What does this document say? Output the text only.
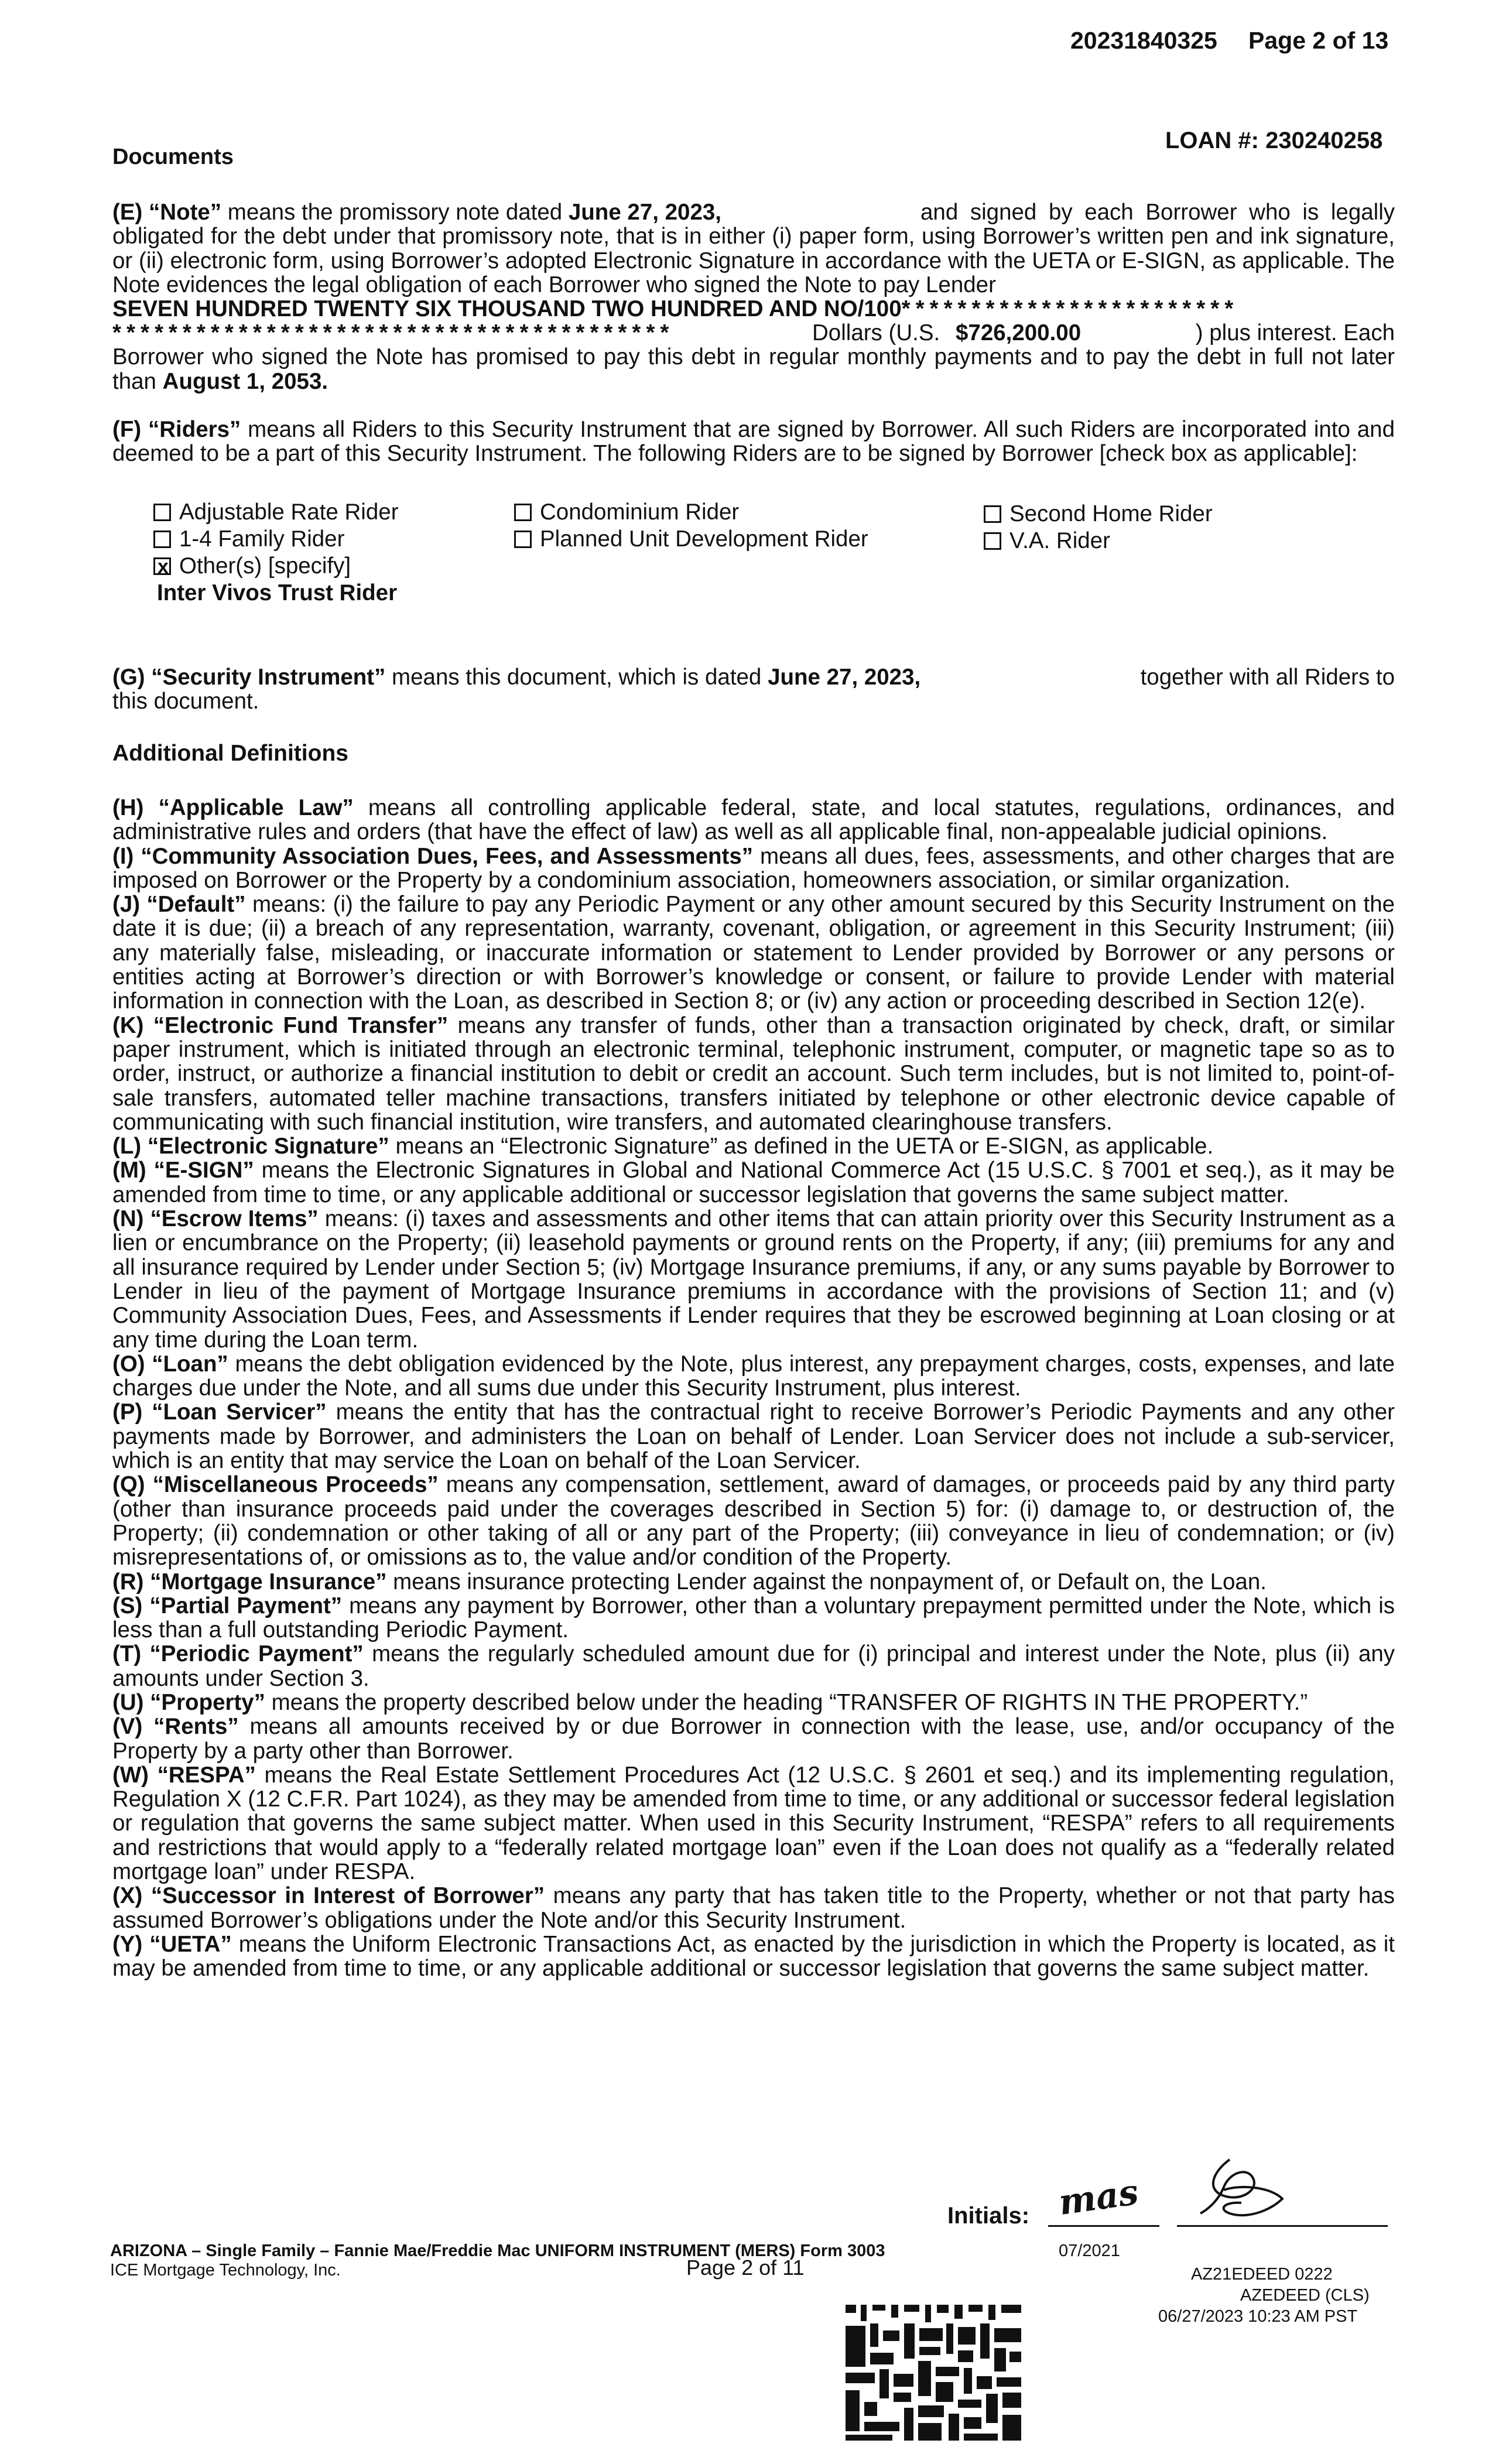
20231840325 Page 2 of 13
LOAN #: 230240258
Documents
(E) “Note” means the promissory note dated June 27, 2023,	and signed by each Borrower who is legally obligated for the debt under that promissory note, that is in either (i) paper form, using Borrower’s written pen and ink signature, or (ii) electronic form, using Borrower’s adopted Electronic Signature in accordance with the UETA or E-SIGN, as applicable. The Note evidences the legal obligation of each Borrower who signed the Note to pay Lender
SEVEN HUNDRED TWENTY SIX THOUSAND TWO HUNDRED AND NO/100************************
****************************************	Dollars (U.S. $726,200.00	) plus interest. Each
Borrower who signed the Note has promised to pay this debt in regular monthly payments and to pay the debt in full not later than August 1, 2053.
(F) “Riders” means all Riders to this Security Instrument that are signed by Borrower. All such Riders are incorporated into and deemed to be a part of this Security Instrument. The following Riders are to be signed by Borrower [check box as applicable]:
Adjustable Rate Rider
1-4 Family Rider
xOther(s) [specify]
Inter Vivos Trust Rider
Condominium Rider
Planned Unit Development Rider
Second Home Rider
V.A. Rider
(G) “Security Instrument” means this document, which is dated June 27, 2023,	together with all Riders to
this document.
Additional Definitions
(H) “Applicable Law” means all controlling applicable federal, state, and local statutes, regulations, ordinances, and administrative rules and orders (that have the effect of law) as well as all applicable final, non-appealable judicial opinions.
(I) “Community Association Dues, Fees, and Assessments” means all dues, fees, assessments, and other charges that are imposed on Borrower or the Property by a condominium association, homeowners association, or similar organization.
(J) “Default” means: (i) the failure to pay any Periodic Payment or any other amount secured by this Security Instrument on the date it is due; (ii) a breach of any representation, warranty, covenant, obligation, or agreement in this Security Instrument; (iii) any materially false, misleading, or inaccurate information or statement to Lender provided by Borrower or any persons or entities acting at Borrower’s direction or with Borrower’s knowledge or consent, or failure to provide Lender with material information in connection with the Loan, as described in Section 8; or (iv) any action or proceeding described in Section 12(e).
(K) “Electronic Fund Transfer” means any transfer of funds, other than a transaction originated by check, draft, or similar paper instrument, which is initiated through an electronic terminal, telephonic instrument, computer, or magnetic tape so as to order, instruct, or authorize a financial institution to debit or credit an account. Such term includes, but is not limited to, point-of-sale transfers, automated teller machine transactions, transfers initiated by telephone or other electronic device capable of communicating with such financial institution, wire transfers, and automated clearinghouse transfers.
(L) “Electronic Signature” means an “Electronic Signature” as defined in the UETA or E-SIGN, as applicable.
(M) “E-SIGN” means the Electronic Signatures in Global and National Commerce Act (15 U.S.C. § 7001 et seq.), as it may be amended from time to time, or any applicable additional or successor legislation that governs the same subject matter.
(N) “Escrow Items” means: (i) taxes and assessments and other items that can attain priority over this Security Instrument as a lien or encumbrance on the Property; (ii) leasehold payments or ground rents on the Property, if any; (iii) premiums for any and all insurance required by Lender under Section 5; (iv) Mortgage Insurance premiums, if any, or any sums payable by Borrower to Lender in lieu of the payment of Mortgage Insurance premiums in accordance with the provisions of Section 11; and (v) Community Association Dues, Fees, and Assessments if Lender requires that they be escrowed beginning at Loan closing or at any time during the Loan term.
(O) “Loan” means the debt obligation evidenced by the Note, plus interest, any prepayment charges, costs, expenses, and late charges due under the Note, and all sums due under this Security Instrument, plus interest.
(P) “Loan Servicer” means the entity that has the contractual right to receive Borrower’s Periodic Payments and any other payments made by Borrower, and administers the Loan on behalf of Lender. Loan Servicer does not include a sub-servicer, which is an entity that may service the Loan on behalf of the Loan Servicer.
(Q) “Miscellaneous Proceeds” means any compensation, settlement, award of damages, or proceeds paid by any third party (other than insurance proceeds paid under the coverages described in Section 5) for: (i) damage to, or destruction of, the Property; (ii) condemnation or other taking of all or any part of the Property; (iii) conveyance in lieu of condemnation; or (iv) misrepresentations of, or omissions as to, the value and/or condition of the Property.
(R) “Mortgage Insurance” means insurance protecting Lender against the nonpayment of, or Default on, the Loan.
(S) “Partial Payment” means any payment by Borrower, other than a voluntary prepayment permitted under the Note, which is less than a full outstanding Periodic Payment.
(T) “Periodic Payment” means the regularly scheduled amount due for (i) principal and interest under the Note, plus (ii) any amounts under Section 3.
(U) “Property” means the property described below under the heading “TRANSFER OF RIGHTS IN THE PROPERTY.”
(V) “Rents” means all amounts received by or due Borrower in connection with the lease, use, and/or occupancy of the Property by a party other than Borrower.
(W) “RESPA” means the Real Estate Settlement Procedures Act (12 U.S.C. § 2601 et seq.) and its implementing regulation, Regulation X (12 C.F.R. Part 1024), as they may be amended from time to time, or any additional or successor federal legislation or regulation that governs the same subject matter. When used in this Security Instrument, “RESPA” refers to all requirements and restrictions that would apply to a “federally related mortgage loan” even if the Loan does not qualify as a “federally related mortgage loan” under RESPA.
(X) “Successor in Interest of Borrower” means any party that has taken title to the Property, whether or not that party has assumed Borrower’s obligations under the Note and/or this Security Instrument.
(Y) “UETA” means the Uniform Electronic Transactions Act, as enacted by the jurisdiction in which the Property is located, as it may be amended from time to time, or any applicable additional or successor legislation that governs the same subject matter.
Initials: mas
ARIZONA – Single Family – Fannie Mae/Freddie Mac UNIFORM INSTRUMENT (MERS) Form 3003	07/2021
ICE Mortgage Technology, Inc.	Page 2 of 11	AZ21EDEED 0222
AZEDEED (CLS)
06/27/2023 10:23 AM PST
